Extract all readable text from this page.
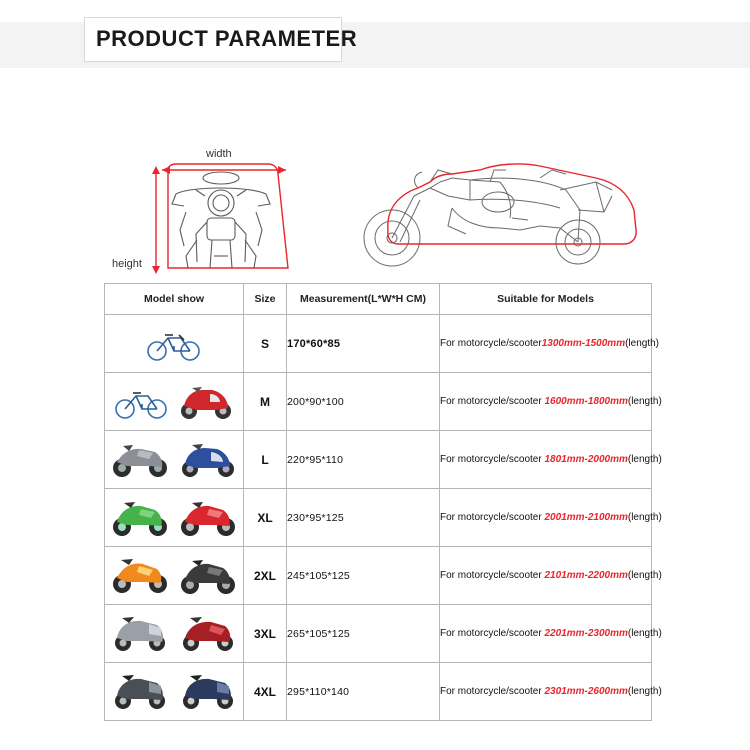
PRODUCT PARAMETER
width
height
Model show	Size	Measurement(L*W*H CM)	Suitable for Models

	S	170*60*85	For motorcycle/scooter1300mm-1500mm(length)

	M	200*90*100	For motorcycle/scooter 1600mm-1800mm(length)

	L	220*95*110	For motorcycle/scooter 1801mm-2000mm(length)

	XL	230*95*125	For motorcycle/scooter 2001mm-2100mm(length)

	2XL	245*105*125	For motorcycle/scooter 2101mm-2200mm(length)

	3XL	265*105*125	For motorcycle/scooter 2201mm-2300mm(length)

	4XL	295*110*140	For motorcycle/scooter 2301mm-2600mm(length)
